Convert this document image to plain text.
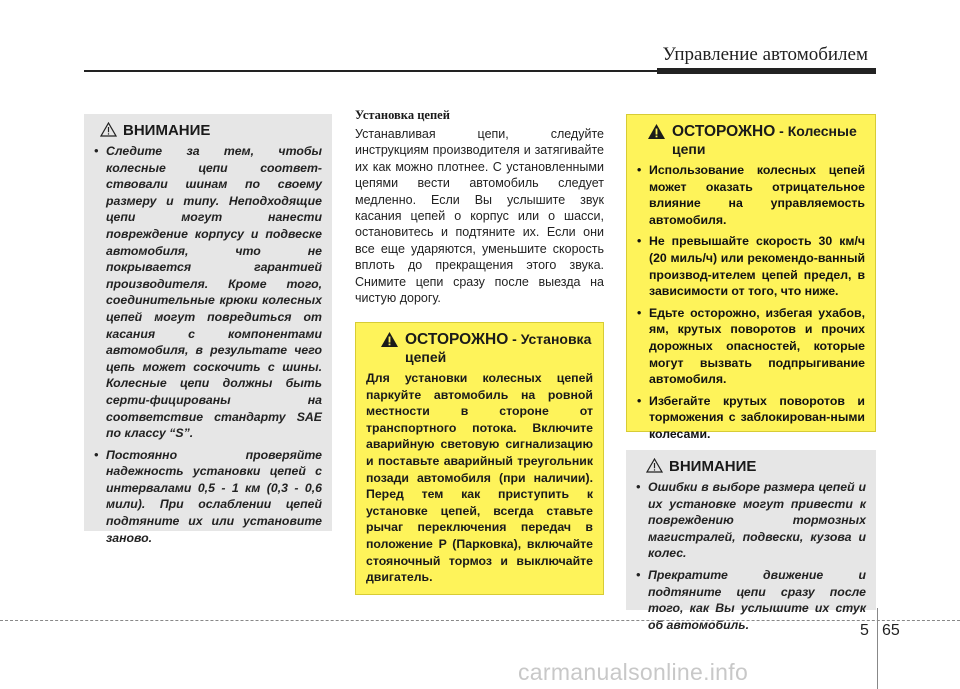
Управление автомобилем
ВНИМАНИЕ
• Следите за тем, чтобы колесные цепи соответ-ствовали шинам по своему размеру и типу. Неподходящие цепи могут нанести повреждение корпусу и подвеске автомобиля, что не покрывается гарантией производителя. Кроме того, соединительные крюки колесных цепей могут повредиться от касания с компонентами автомобиля, в результате чего цепь может соскочить с шины. Колесные цепи должны быть серти-фицированы на соответствие стандарту SAE по классу “S”.
• Постоянно проверяйте надежность установки цепей с интервалами 0,5 - 1 км (0,3 - 0,6 мили). При ослаблении цепей подтяните их или установите заново.
Установка цепей
Устанавливая цепи, следуйте инструкциям производителя и затягивайте их как можно плотнее. С установленными цепями вести автомобиль следует медленно. Если Вы услышите звук касания цепей о корпус или о шасси, остановитесь и подтяните их. Если они все еще ударяются, уменьшите скорость вплоть до прекращения этого звука. Снимите цепи сразу после выезда на чистую дорогу.
ОСТОРОЖНО - Установка цепей

Для установки колесных цепей паркуйте автомобиль на ровной местности в стороне от транспортного потока. Включите аварийную световую сигнализацию и поставьте аварийный треугольник позади автомобиля (при наличии). Перед тем как приступить к установке цепей, всегда ставьте рычаг переключения передач в положение P (Парковка), включайте стояночный тормоз и выключайте двигатель.

ОСТОРОЖНО - Колесные цепи
• Использование колесных цепей может оказать отрицательное влияние на управляемость автомобиля.
• Не превышайте скорость 30 км/ч (20 миль/ч) или рекомендо-ванный производ-ителем цепей предел, в зависимости от того, что ниже.
• Едьте осторожно, избегая ухабов, ям, крутых поворотов и прочих дорожных опасностей, которые могут вызвать подпрыгивание автомобиля.
• Избегайте крутых поворотов и торможения с заблокирован-ными колесами.
ВНИМАНИЕ
• Ошибки в выборе размера цепей и их установке могут привести к повреждению тормозных магистралей, подвески, кузова и колес.
• Прекратите движение и подтяните цепи сразу после того, как Вы услышите их стук об автомобиль.	5 65
carmanualsonline.info
